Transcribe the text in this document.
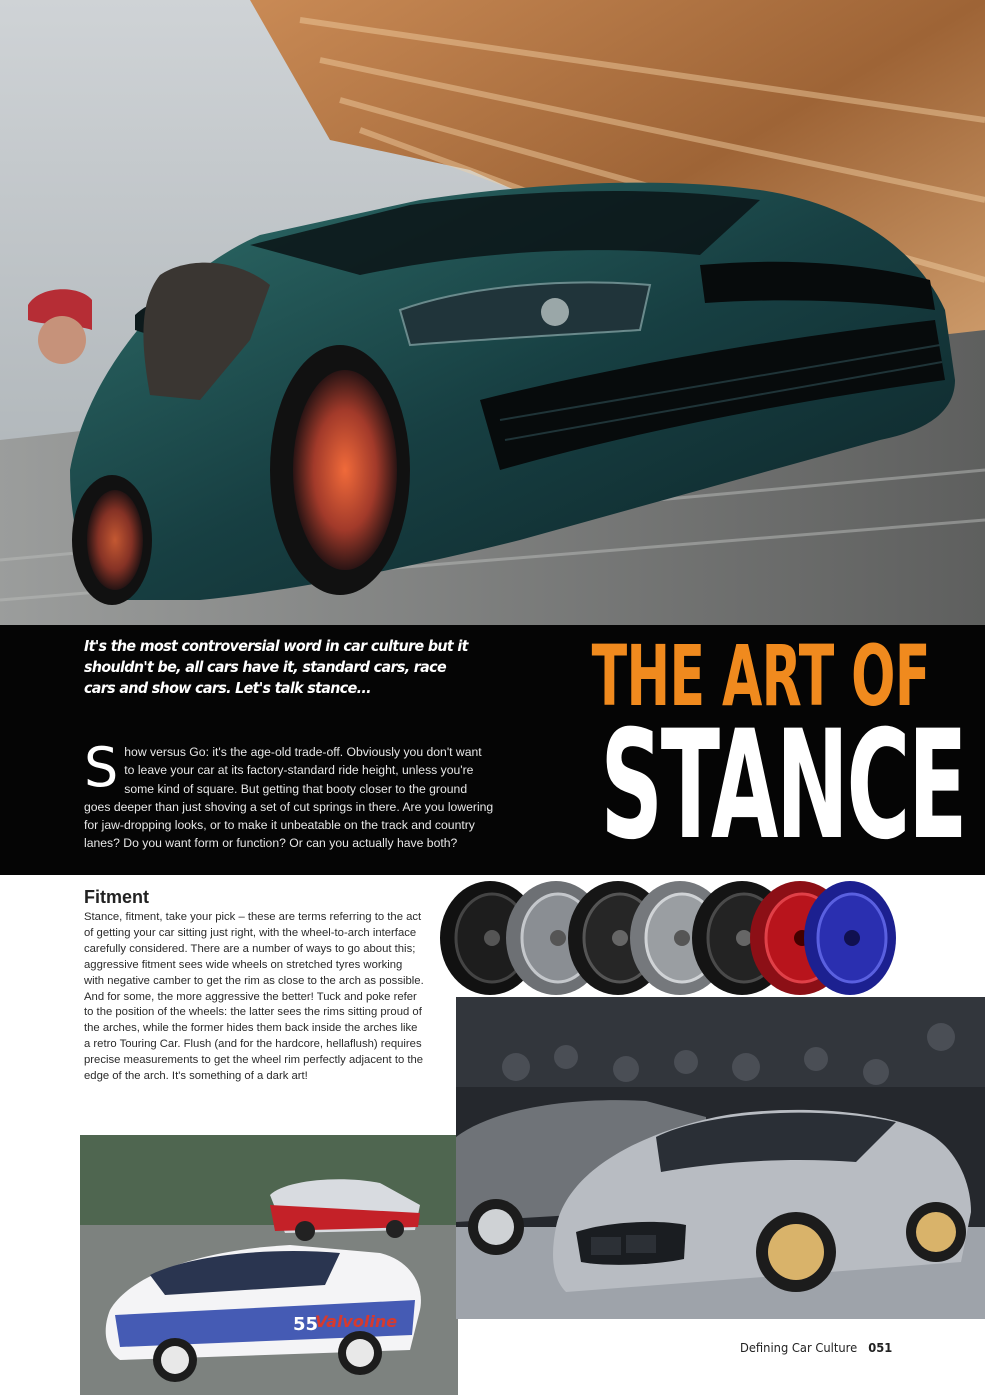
It's the most controversial word in car culture but it shouldn't be, all cars have it, standard cars, race cars and show cars. Let's talk stance...
Show versus Go: it's the age-old trade-off. Obviously you don't want to leave your car at its factory-standard ride height, unless you're some kind of square. But getting that booty closer to the ground goes deeper than just shoving a set of cut springs in there. Are you lowering for jaw-dropping looks, or to make it unbeatable on the track and country lanes? Do you want form or function? Or can you actually have both?
THE ART OF
STANCE
Fitment
Stance, fitment, take your pick – these are terms referring to the act of getting your car sitting just right, with the wheel-to-arch interface carefully considered. There are a number of ways to go about this; aggressive fitment sees wide wheels on stretched tyres working with negative camber to get the rim as close to the arch as possible. And for some, the more aggressive the better! Tuck and poke refer to the position of the wheels: the latter sees the rims sitting proud of the arches, while the former hides them back inside the arches like a retro Touring Car. Flush (and for the hardcore, hellaflush) requires precise measurements to get the wheel rim perfectly adjacent to the edge of the arch. It's something of a dark art!
Valvoline
55
Defining Car Culture 051
